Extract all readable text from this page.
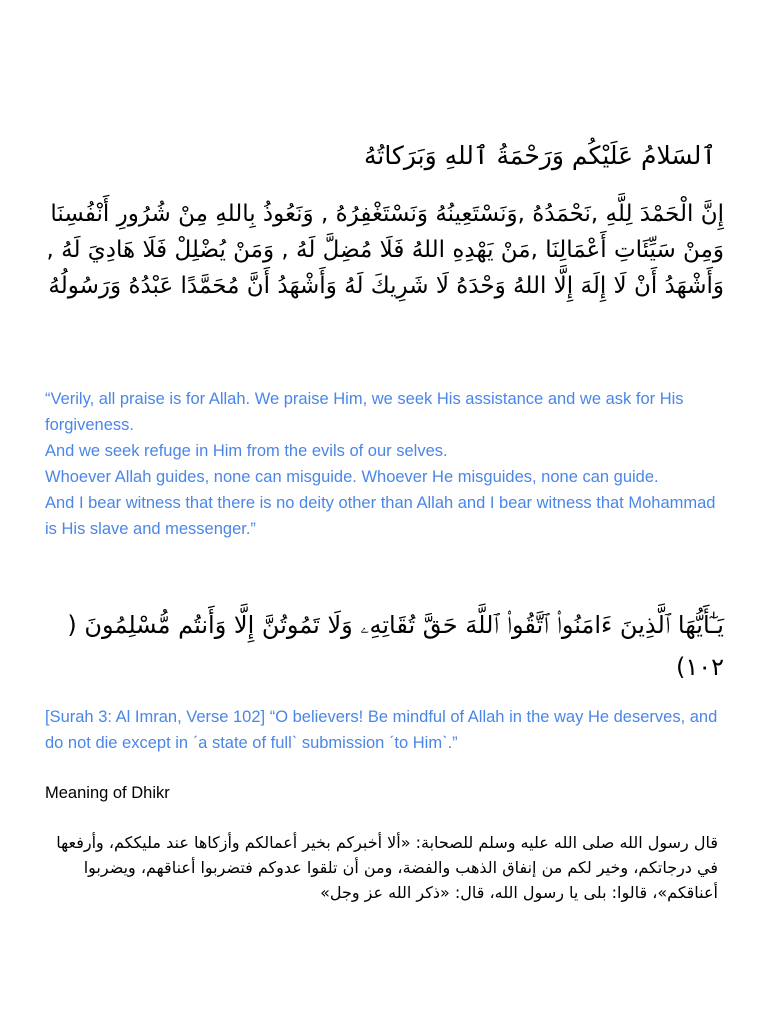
ٱلسَلامُ عَلَيْكُم وَرَحْمَةُ ٱللهِ وَبَرَكاتُهُ
إِنَّ الْحَمْدَ لِلَّهِ ,نَحْمَدُهُ ,وَنَسْتَعِينُهُ وَنَسْتَغْفِرُهُ , وَنَعُوذُ بِاللهِ مِنْ شُرُورِ أَنْفُسِنَا وَمِنْ سَيِّئَاتِ أَعْمَالِنَا ,مَنْ يَهْدِهِ اللهُ فَلَا مُضِلَّ لَهُ , وَمَنْ يُضْلِلْ فَلَا هَادِيَ لَهُ , وَأَشْهَدُ أَنْ لَا إِلَهَ إِلَّا اللهُ وَحْدَهُ لَا شَرِيكَ لَهُ وَأَشْهَدُ أَنَّ مُحَمَّدًا عَبْدُهُ وَرَسُولُهُ

“Verily, all praise is for Allah. We praise Him, we seek His assistance and we ask for His forgiveness.

And we seek refuge in Him from the evils of our selves.

Whoever Allah guides, none can misguide. Whoever He misguides, none can guide.

And I bear witness that there is no deity other than Allah and I bear witness that Mohammad is His slave and messenger.”

يَـٰٓأَيُّهَا ٱلَّذِينَ ءَامَنُوا۟ ٱتَّقُوا۟ ٱللَّهَ حَقَّ تُقَاتِهِۦ وَلَا تَمُوتُنَّ إِلَّا وَأَنتُم مُّسْلِمُونَ ( ١٠٢)
[Surah 3: Al Imran, Verse 102] “O believers! Be mindful of Allah in the way He deserves, and do not die except in ˊa state of fullˋ submission ˊto Himˋ.”
Meaning of Dhikr
قال رسول الله صلى الله عليه وسلم للصحابة: «ألا أخبركم بخير أعمالكم وأزكاها عند مليككم، وأرفعها في درجاتكم، وخير لكم من إنفاق الذهب والفضة، ومن أن تلقوا عدوكم فتضربوا أعناقهم، ويضربوا أعناقكم»، قالوا: بلى يا رسول الله، قال: «ذكر الله عز وجل»
